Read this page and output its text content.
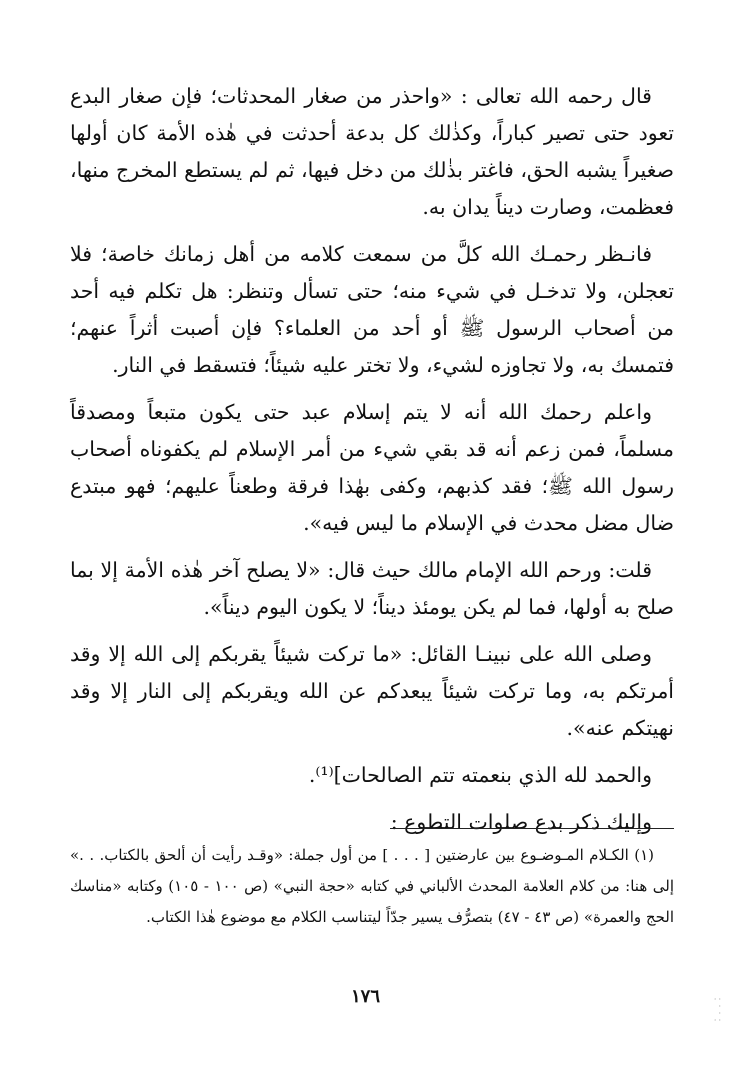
قال رحمه الله تعالى : «واحذر من صغار المحدثات؛ فإن صغار البدع تعود حتى تصير كباراً، وكذٰلك كل بدعة أحدثت في هٰذه الأمة كان أولها صغيراً يشبه الحق، فاغتر بذٰلك من دخل فيها، ثم لم يستطع المخرج منها، فعظمت، وصارت ديناً يدان به.

فانـظر رحمـك الله كلَّ من سمعت كلامه من أهل زمانك خاصة؛ فلا تعجلن، ولا تدخـل في شيء منه؛ حتى تسأل وتنظر: هل تكلم فيه أحد من أصحاب الرسول ﷺ أو أحد من العلماء؟ فإن أصبت أثراً عنهم؛ فتمسك به، ولا تجاوزه لشيء، ولا تختر عليه شيئاً؛ فتسقط في النار.

واعلم رحمك الله أنه لا يتم إسلام عبد حتى يكون متبعاً ومصدقاً مسلماً، فمن زعم أنه قد بقي شيء من أمر الإسلام لم يكفوناه أصحاب رسول الله ﷺ؛ فقد كذبهم، وكفى بهٰذا فرقة وطعناً عليهم؛ فهو مبتدع ضال مضل محدث في الإسلام ما ليس فيه».

قلت: ورحم الله الإمام مالك حيث قال: «لا يصلح آخر هٰذه الأمة إلا بما صلح به أولها، فما لم يكن يومئذ ديناً؛ لا يكون اليوم ديناً».

وصلى الله على نبينـا القائل: «ما تركت شيئاً يقربكم إلى الله إلا وقد أمرتكم به، وما تركت شيئاً يبعدكم عن الله ويقربكم إلى النار إلا وقد نهيتكم عنه».

والحمد لله الذي بنعمته تتم الصالحات]⁽¹⁾.

وإليك ذكر بدع صلوات التطوع :

(١) الكـلام المـوضـوع بين عارضتين [ . . . ] من أول جملة: «وقـد رأيت أن ألحق بالكتاب. . .» إلى هنا: من كلام العلامة المحدث الألباني في كتابه «حجة النبي» (ص ١٠٠ - ١٠٥) وكتابه «مناسك الحج والعمرة» (ص ٤٣ - ٤٧) بتصرُّف يسير جدّاً ليتناسب الكلام مع موضوع هٰذا الكتاب.

١٧٦	·· ·
· ··
